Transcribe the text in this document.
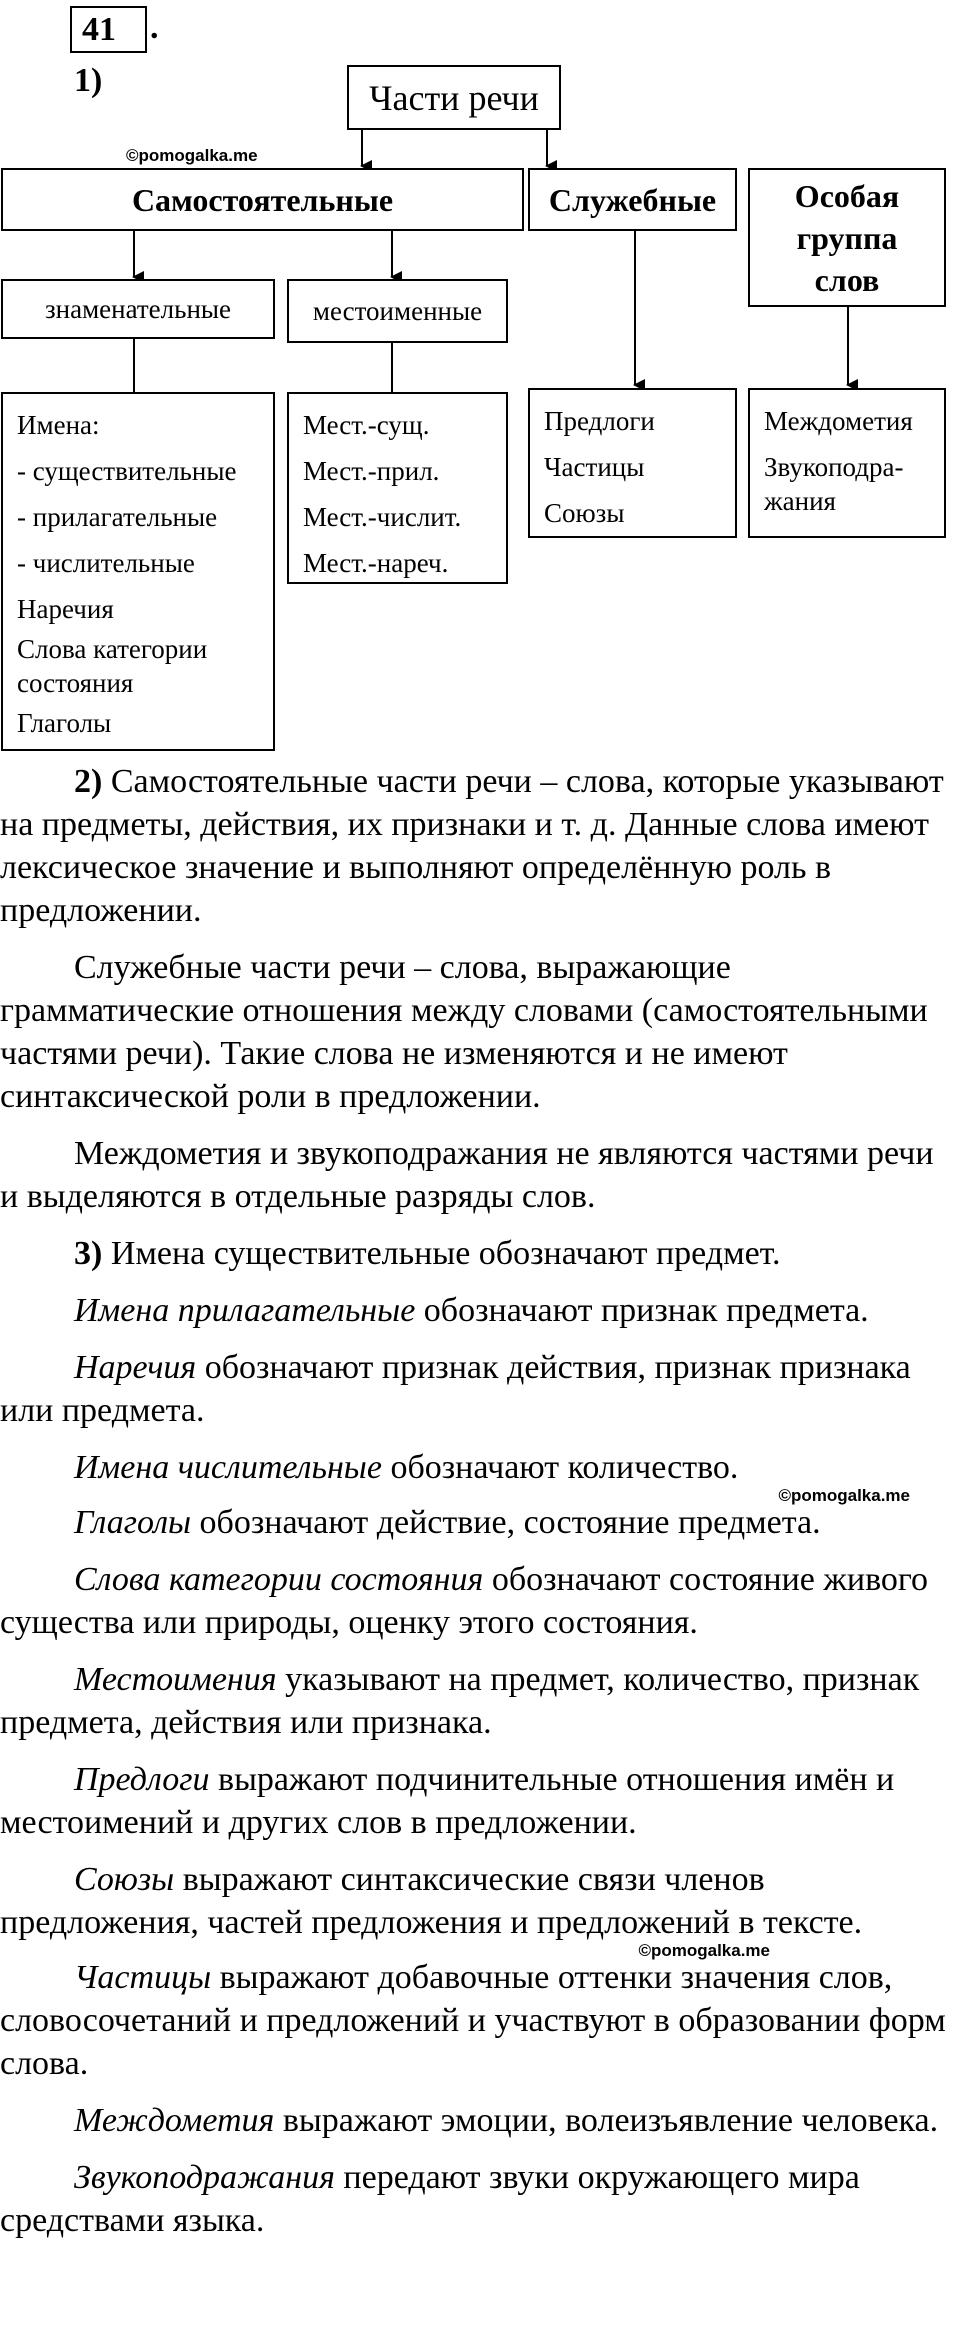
41	.
1)
©pomogalka.me
Части речи
Самостоятельные	Служебные Особая
группа
слов
знаменательные	местоименные
Имена:
- существительные
- прилагательные
- числительные
Наречия
Слова категории состояния
Глаголы
Мест.-сущ.
Мест.-прил.
Мест.-числит.
Мест.-нареч.
Предлоги
Частицы
Союзы
Междометия
Звукоподра-жания

2) Самостоятельные части речи – слова, которые указывают на предметы, действия, их признаки и т. д. Данные слова имеют лексическое значение и выполняют определённую роль в предложении.

Служебные части речи – слова, выражающие грамматические отношения между словами (самостоятельными частями речи). Такие слова не изменяются и не имеют синтаксической роли в предложении.

Междометия и звукоподражания не являются частями речи и выделяются в отдельные разряды слов.

3) Имена существительные обозначают предмет.

Имена прилагательные обозначают признак предмета.

Наречия обозначают признак действия, признак признака или предмета.

Имена числительные обозначают количество.

©pomogalka.me

Глаголы обозначают действие, состояние предмета.

Слова категории состояния обозначают состояние живого существа или природы, оценку этого состояния.

Местоимения указывают на предмет, количество, признак предмета, действия или признака.

Предлоги выражают подчинительные отношения имён и местоимений и других слов в предложении.

Союзы выражают синтаксические связи членов предложения, частей предложения и предложений в тексте.

©pomogalka.me

Частицы выражают добавочные оттенки значения слов, словосочетаний и предложений и участвуют в образовании форм слова.

Междометия выражают эмоции, волеизъявление человека.

Звукоподражания передают звуки окружающего мира средствами языка.
